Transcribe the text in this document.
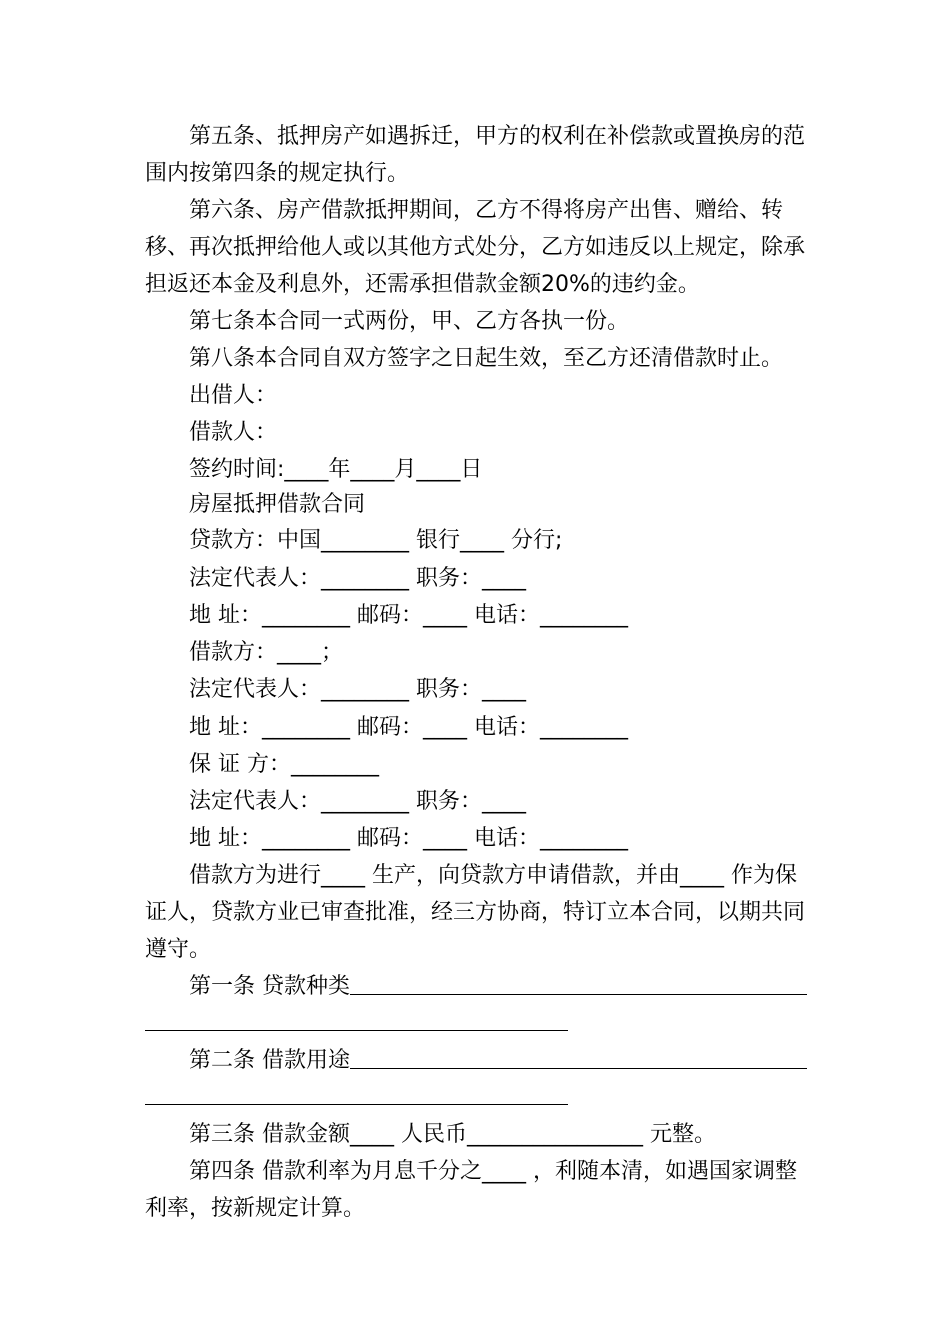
第五条、抵押房产如遇拆迁，甲方的权利在补偿款或置换房的范围内按第四条的规定执行。

第六条、房产借款抵押期间，乙方不得将房产出售、赠给、转移、再次抵押给他人或以其他方式处分，乙方如违反以上规定，除承担返还本金及利息外，还需承担借款金额20%的违约金。

第七条本合同一式两份，甲、乙方各执一份。

第八条本合同自双方签字之日起生效，至乙方还清借款时止。

出借人：

借款人：

签约时间:____年____月____日

房屋抵押借款合同

贷款方：中国________ 银行____ 分行;

法定代表人：________ 职务：____

地 址：________ 邮码：____ 电话：________

借款方：____；

法定代表人：________ 职务：____

地 址：________ 邮码：____ 电话：________

保 证 方：________

法定代表人：________ 职务：____

地 址：________ 邮码：____ 电话：________

借款方为进行____ 生产，向贷款方申请借款，并由____ 作为保证人，贷款方业已审查批准，经三方协商，特订立本合同，以期共同遵守。

第一条 贷款种类

第二条 借款用途

第三条 借款金额____ 人民币________________ 元整。

第四条 借款利率为月息千分之____ ，利随本清，如遇国家调整利率，按新规定计算。
